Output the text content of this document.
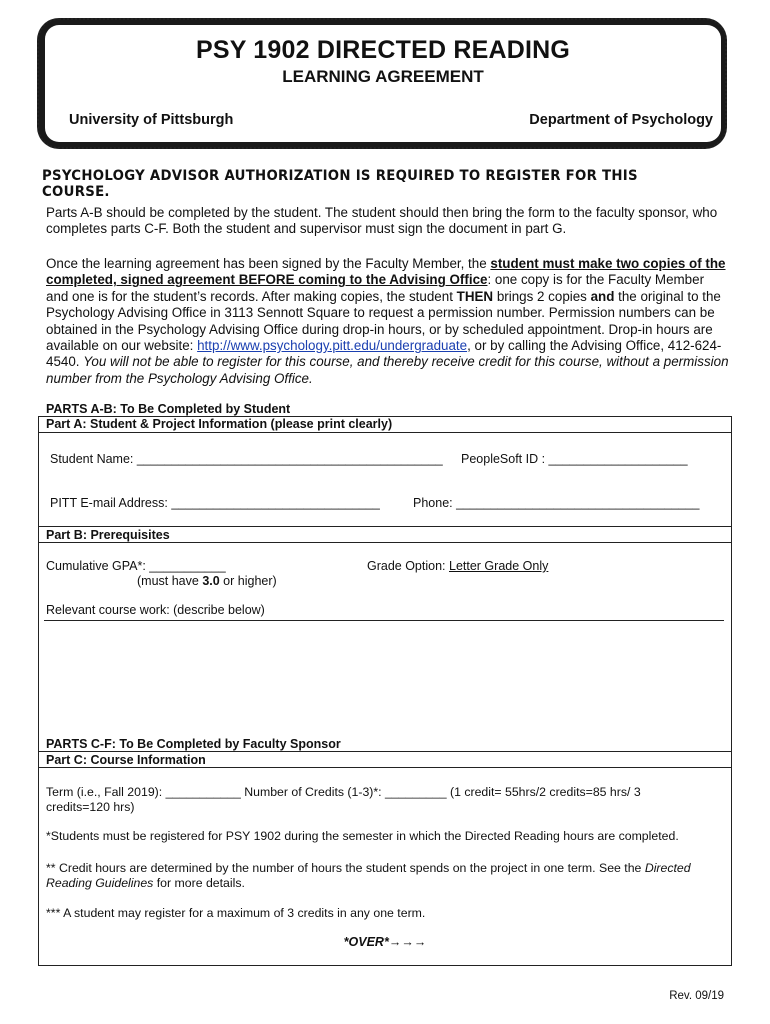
PSY 1902 DIRECTED READING
LEARNING AGREEMENT
University of Pittsburgh	Department of Psychology
PSYCHOLOGY ADVISOR AUTHORIZATION IS REQUIRED TO REGISTER FOR THIS COURSE.
Parts A-B should be completed by the student. The student should then bring the form to the faculty sponsor, who completes parts C-F. Both the student and supervisor must sign the document in part G.
Once the learning agreement has been signed by the Faculty Member, the student must make two copies of the completed, signed agreement BEFORE coming to the Advising Office: one copy is for the Faculty Member and one is for the student’s records. After making copies, the student THEN brings 2 copies and the original to the Psychology Advising Office in 3113 Sennott Square to request a permission number. Permission numbers can be obtained in the Psychology Advising Office during drop-in hours, or by scheduled appointment. Drop-in hours are available on our website: http://www.psychology.pitt.edu/undergraduate, or by calling the Advising Office, 412-624-4540. You will not be able to register for this course, and thereby receive credit for this course, without a permission number from the Psychology Advising Office.
PARTS A-B: To Be Completed by Student
Part A: Student & Project Information (please print clearly)
Student Name: ____________________________________________ PeopleSoft ID : ____________________
PITT E-mail Address: ______________________________	Phone: ___________________________________
Part B: Prerequisites
Cumulative GPA*: ___________
(must have 3.0 or higher)
Grade Option: Letter Grade Only
Relevant course work: (describe below)
PARTS C-F: To Be Completed by Faculty Sponsor
Part C: Course Information
Term (i.e., Fall 2019): ___________ Number of Credits (1-3)*: _________ (1 credit= 55hrs/2 credits=85 hrs/ 3
credits=120 hrs)
*Students must be registered for PSY 1902 during the semester in which the Directed Reading hours are completed.
** Credit hours are determined by the number of hours the student spends on the project in one term. See the Directed
Reading Guidelines for more details.
*** A student may register for a maximum of 3 credits in any one term.
*OVER*→→→
Rev. 09/19
